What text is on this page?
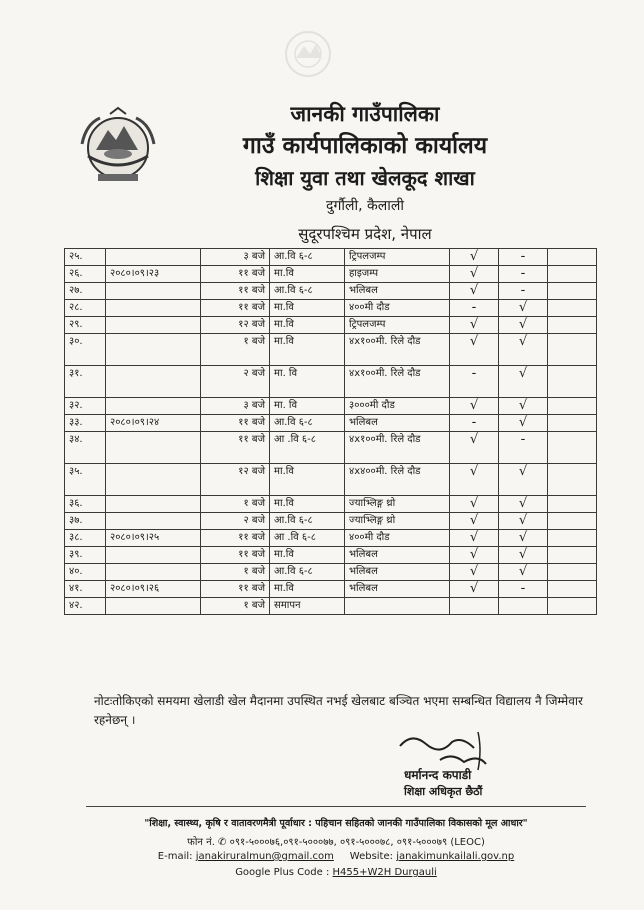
जानकी गाउँपालिका
गाउँ कार्यपालिकाको कार्यालय
शिक्षा युवा तथा खेलकूद शाखा
दुर्गौली, कैलाली
सुदूरपश्चिम प्रदेश, नेपाल
२५.		३ बजे	आ.वि ६-८	ट्रिपलजम्प	√	-	
२६.	२०८०।०९।२३	११ बजे	मा.वि	हाइजम्प	√	-	
२७.		११ बजे	आ.वि ६-८	भलिबल	√	-	
२८.		११ बजे	मा.वि	४००मी दौड	-	√	
२९.		१२ बजे	मा.वि	ट्रिपलजम्प	√	√	
३०.		१ बजे	मा.वि	४x१००मी. रिले दौड	√	√	
३१.		२ बजे	मा. वि	४x१००मी. रिले दौड	-	√	
३२.		३ बजे	मा. वि	३०००मी दौड	√	√	
३३.	२०८०।०९।२४	११ बजे	आ.वि ६-८	भलिबल	-	√	
३४.		११ बजे	आ .वि ६-८	४x१००मी. रिले दौड	√	-	
३५.		१२ बजे	मा.वि	४x४००मी. रिले दौड	√	√	
३६.		१ बजे	मा.वि	ज्याभ्लिङ्ग थ्रो	√	√	
३७.		२ बजे	आ.वि ६-८	ज्याभ्लिङ्ग थ्रो	√	√	
३८.	२०८०।०९।२५	११ बजे	आ .वि ६-८	४००मी दौड	√	√	
३९.		११ बजे	मा.वि	भलिबल	√	√	
४०.		१ बजे	आ.वि ६-८	भलिबल	√	√	
४१.	२०८०।०९।२६	११ बजे	मा.वि	भलिबल	√	-	
४२.		१ बजे	समापन				
नोटःतोकिएको समयमा खेलाडी खेल मैदानमा उपस्थित नभई खेलबाट बञ्चित भएमा सम्बन्धित विद्यालय नै जिम्मेवार रहनेछन् ।
धर्मानन्द कपाडी
शिक्षा अधिकृत छैठौं
"शिक्षा, स्वास्थ्य, कृषि र वातावरणमैत्री पूर्वाधार : पहिचान सहितको जानकी गाउँपालिका विकासको मूल आधार"
फोन नं. ✆ ०९१-५०००७६,०९१-५०००७७, ०९१-५०००७८, ०९१-५०००७९ (LEOC)
E-mail: janakiruralmun@gmail.com Website: janakimunkailali.gov.np
Google Plus Code : H455+W2H Durgauli
